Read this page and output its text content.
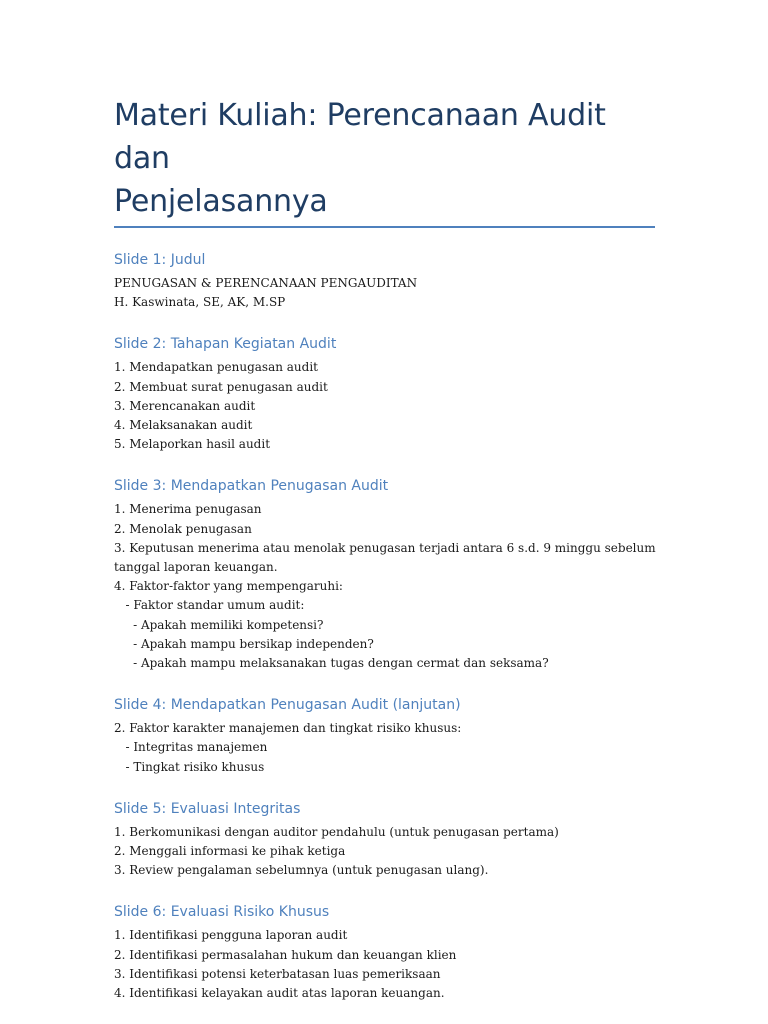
Materi Kuliah: Perencanaan Audit dan
Penjelasannya
Slide 1: Judul

PENUGASAN & PERENCANAAN PENGAUDITAN

H. Kaswinata, SE, AK, M.SP

Slide 2: Tahapan Kegiatan Audit

1. Mendapatkan penugasan audit

2. Membuat surat penugasan audit

3. Merencanakan audit

4. Melaksanakan audit

5. Melaporkan hasil audit

Slide 3: Mendapatkan Penugasan Audit

1. Menerima penugasan

2. Menolak penugasan

3. Keputusan menerima atau menolak penugasan terjadi antara 6 s.d. 9 minggu sebelum

tanggal laporan keuangan.

4. Faktor-faktor yang mempengaruhi:

- Faktor standar umum audit:

- Apakah memiliki kompetensi?

- Apakah mampu bersikap independen?

- Apakah mampu melaksanakan tugas dengan cermat dan seksama?

Slide 4: Mendapatkan Penugasan Audit (lanjutan)

2. Faktor karakter manajemen dan tingkat risiko khusus:

- Integritas manajemen

- Tingkat risiko khusus

Slide 5: Evaluasi Integritas

1. Berkomunikasi dengan auditor pendahulu (untuk penugasan pertama)

2. Menggali informasi ke pihak ketiga

3. Review pengalaman sebelumnya (untuk penugasan ulang).

Slide 6: Evaluasi Risiko Khusus

1. Identifikasi pengguna laporan audit

2. Identifikasi permasalahan hukum dan keuangan klien

3. Identifikasi potensi keterbatasan luas pemeriksaan

4. Identifikasi kelayakan audit atas laporan keuangan.
